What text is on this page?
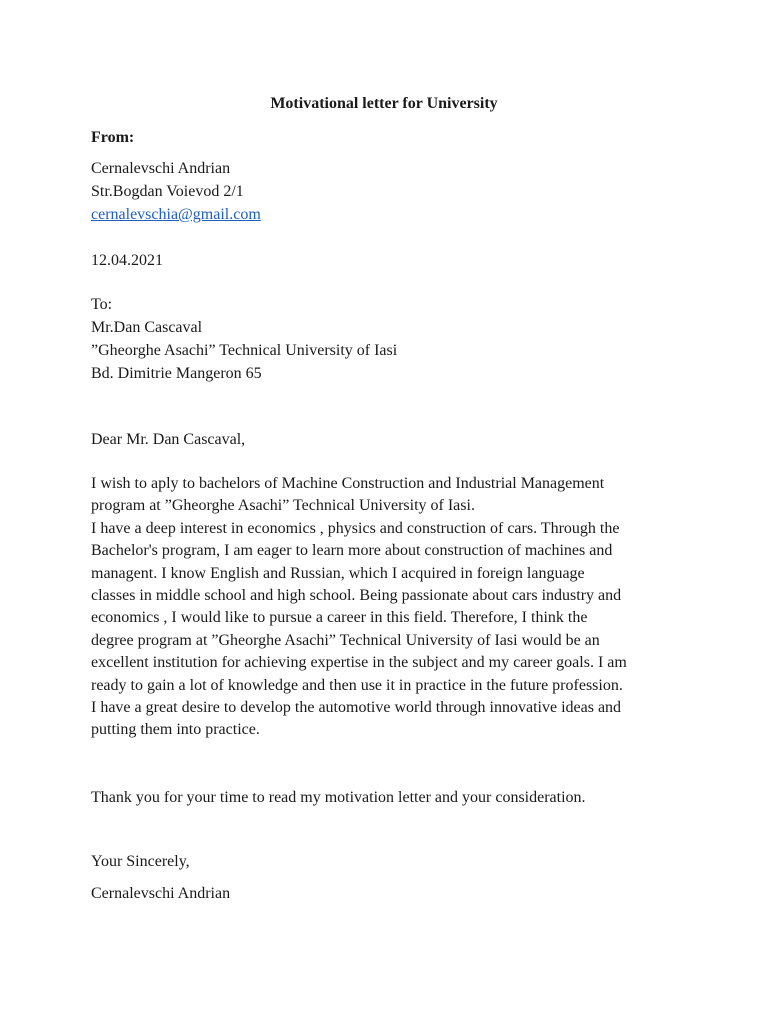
Motivational letter for University
From:
Cernalevschi Andrian
Str.Bogdan Voievod 2/1
cernalevschia@gmail.com
12.04.2021
To:
Mr.Dan Cascaval
”Gheorghe Asachi” Technical University of Iasi
Bd. Dimitrie Mangeron 65
Dear Mr. Dan Cascaval,
I wish to aply to bachelors of Machine Construction and Industrial Management
program at ”Gheorghe Asachi” Technical University of Iasi.
I have a deep interest in economics , physics and construction of cars. Through the
Bachelor's program, I am eager to learn more about construction of machines and
managent. I know English and Russian, which I acquired in foreign language
classes in middle school and high school. Being passionate about cars industry and
economics , I would like to pursue a career in this field. Therefore, I think the
degree program at ”Gheorghe Asachi” Technical University of Iasi would be an
excellent institution for achieving expertise in the subject and my career goals. I am
ready to gain a lot of knowledge and then use it in practice in the future profession.
I have a great desire to develop the automotive world through innovative ideas and
putting them into practice.
Thank you for your time to read my motivation letter and your consideration.
Your Sincerely,
Cernalevschi Andrian
